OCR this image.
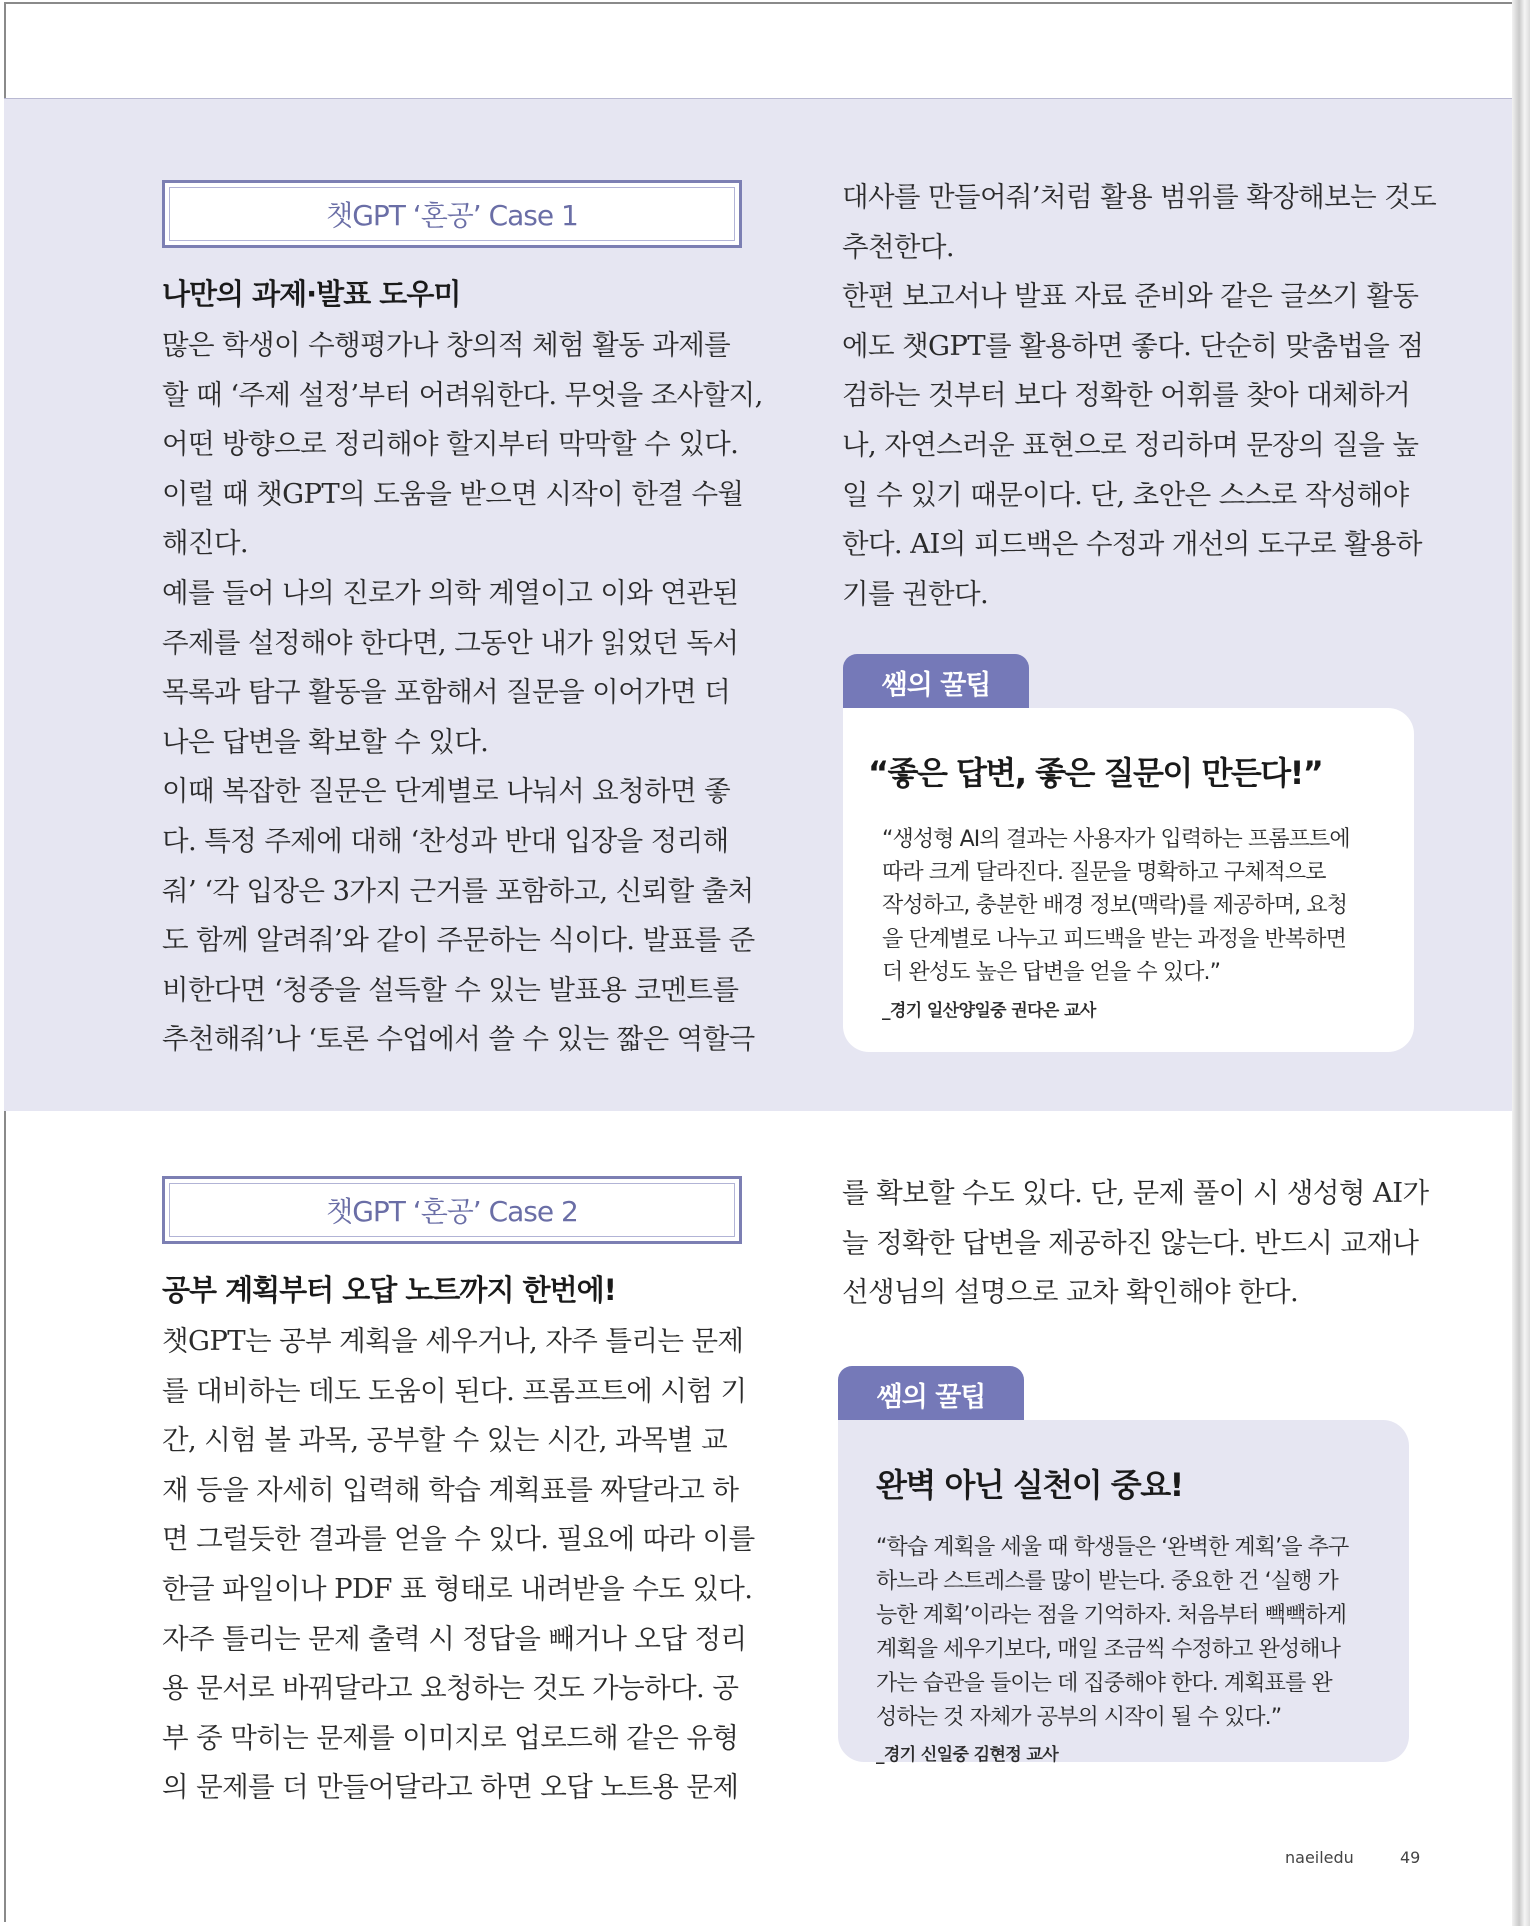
챗GPT ‘혼공’ Case 1
나만의 과제·발표 도우미
많은 학생이 수행평가나 창의적 체험 활동 과제를
할 때 ‘주제 설정’부터 어려워한다. 무엇을 조사할지,
어떤 방향으로 정리해야 할지부터 막막할 수 있다.
이럴 때 챗GPT의 도움을 받으면 시작이 한결 수월
해진다.
예를 들어 나의 진로가 의학 계열이고 이와 연관된
주제를 설정해야 한다면, 그동안 내가 읽었던 독서
목록과 탐구 활동을 포함해서 질문을 이어가면 더
나은 답변을 확보할 수 있다.
이때 복잡한 질문은 단계별로 나눠서 요청하면 좋
다. 특정 주제에 대해 ‘찬성과 반대 입장을 정리해
줘’ ‘각 입장은 3가지 근거를 포함하고, 신뢰할 출처
도 함께 알려줘’와 같이 주문하는 식이다. 발표를 준
비한다면 ‘청중을 설득할 수 있는 발표용 코멘트를
추천해줘’나 ‘토론 수업에서 쓸 수 있는 짧은 역할극
대사를 만들어줘’처럼 활용 범위를 확장해보는 것도
추천한다.
한편 보고서나 발표 자료 준비와 같은 글쓰기 활동
에도 챗GPT를 활용하면 좋다. 단순히 맞춤법을 점
검하는 것부터 보다 정확한 어휘를 찾아 대체하거
나, 자연스러운 표현으로 정리하며 문장의 질을 높
일 수 있기 때문이다. 단, 초안은 스스로 작성해야
한다. AI의 피드백은 수정과 개선의 도구로 활용하
기를 권한다.
쌤의 꿀팁
“좋은 답변, 좋은 질문이 만든다!”
“생성형 AI의 결과는 사용자가 입력하는 프롬프트에
따라 크게 달라진다. 질문을 명확하고 구체적으로
작성하고, 충분한 배경 정보(맥락)를 제공하며, 요청
을 단계별로 나누고 피드백을 받는 과정을 반복하면
더 완성도 높은 답변을 얻을 수 있다.”
_경기 일산양일중 권다은 교사
챗GPT ‘혼공’ Case 2
공부 계획부터 오답 노트까지 한번에!
챗GPT는 공부 계획을 세우거나, 자주 틀리는 문제
를 대비하는 데도 도움이 된다. 프롬프트에 시험 기
간, 시험 볼 과목, 공부할 수 있는 시간, 과목별 교
재 등을 자세히 입력해 학습 계획표를 짜달라고 하
면 그럴듯한 결과를 얻을 수 있다. 필요에 따라 이를
한글 파일이나 PDF 표 형태로 내려받을 수도 있다.
자주 틀리는 문제 출력 시 정답을 빼거나 오답 정리
용 문서로 바꿔달라고 요청하는 것도 가능하다. 공
부 중 막히는 문제를 이미지로 업로드해 같은 유형
의 문제를 더 만들어달라고 하면 오답 노트용 문제
를 확보할 수도 있다. 단, 문제 풀이 시 생성형 AI가
늘 정확한 답변을 제공하진 않는다. 반드시 교재나
선생님의 설명으로 교차 확인해야 한다.
쌤의 꿀팁
완벽 아닌 실천이 중요!
“학습 계획을 세울 때 학생들은 ‘완벽한 계획’을 추구
하느라 스트레스를 많이 받는다. 중요한 건 ‘실행 가
능한 계획’이라는 점을 기억하자. 처음부터 빽빽하게
계획을 세우기보다, 매일 조금씩 수정하고 완성해나
가는 습관을 들이는 데 집중해야 한다. 계획표를 완
성하는 것 자체가 공부의 시작이 될 수 있다.”
_경기 신일중 김현정 교사
naeiledu	49
